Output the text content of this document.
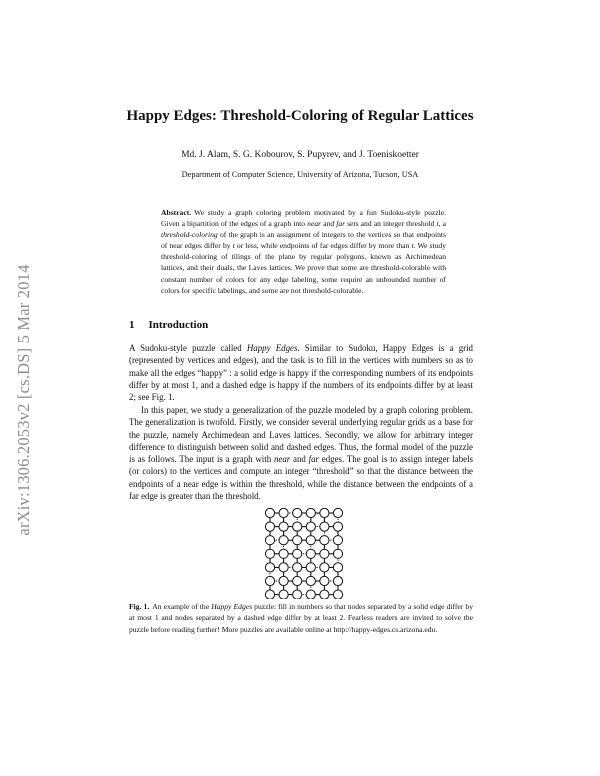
arXiv:1306.2053v2 [cs.DS] 5 Mar 2014
Happy Edges: Threshold-Coloring of Regular Lattices
Md. J. Alam, S. G. Kobourov, S. Pupyrev, and J. Toeniskoetter
Department of Computer Science, University of Arizona, Tucson, USA
Abstract. We study a graph coloring problem motivated by a fun Sudoku-style puzzle. Given a bipartition of the edges of a graph into near and far sets and an integer threshold t, a threshold-coloring of the graph is an assignment of integers to the vertices so that endpoints of near edges differ by t or less, while endpoints of far edges differ by more than t. We study threshold-coloring of tilings of the plane by regular polygons, known as Archimedean lattices, and their duals, the Laves lattices. We prove that some are threshold-colorable with constant number of colors for any edge labeling, some require an unbounded number of colors for specific labelings, and some are not threshold-colorable.
1 Introduction
A Sudoku-style puzzle called Happy Edges. Similar to Sudoku, Happy Edges is a grid (represented by vertices and edges), and the task is to fill in the vertices with numbers so as to make all the edges “happy” : a solid edge is happy if the corresponding numbers of its endpoints differ by at most 1, and a dashed edge is happy if the numbers of its endpoints differ by at least 2; see Fig. 1.
In this paper, we study a generalization of the puzzle modeled by a graph coloring problem. The generalization is twofold. Firstly, we consider several underlying regular grids as a base for the puzzle, namely Archimedean and Laves lattices. Secondly, we allow for arbitrary integer difference to distinguish between solid and dashed edges. Thus, the formal model of the puzzle is as follows. The input is a graph with near and far edges. The goal is to assign integer labels (or colors) to the vertices and compute an integer “threshold” so that the distance between the endpoints of a near edge is within the threshold, while the distance between the endpoints of a far edge is greater than the threshold.
Fig. 1. An example of the Happy Edges puzzle: fill in numbers so that nodes separated by a solid edge differ by at most 1 and nodes separated by a dashed edge differ by at least 2. Fearless readers are invited to solve the puzzle before reading further! More puzzles are available online at http://happy-edges.cs.arizona.edu.
